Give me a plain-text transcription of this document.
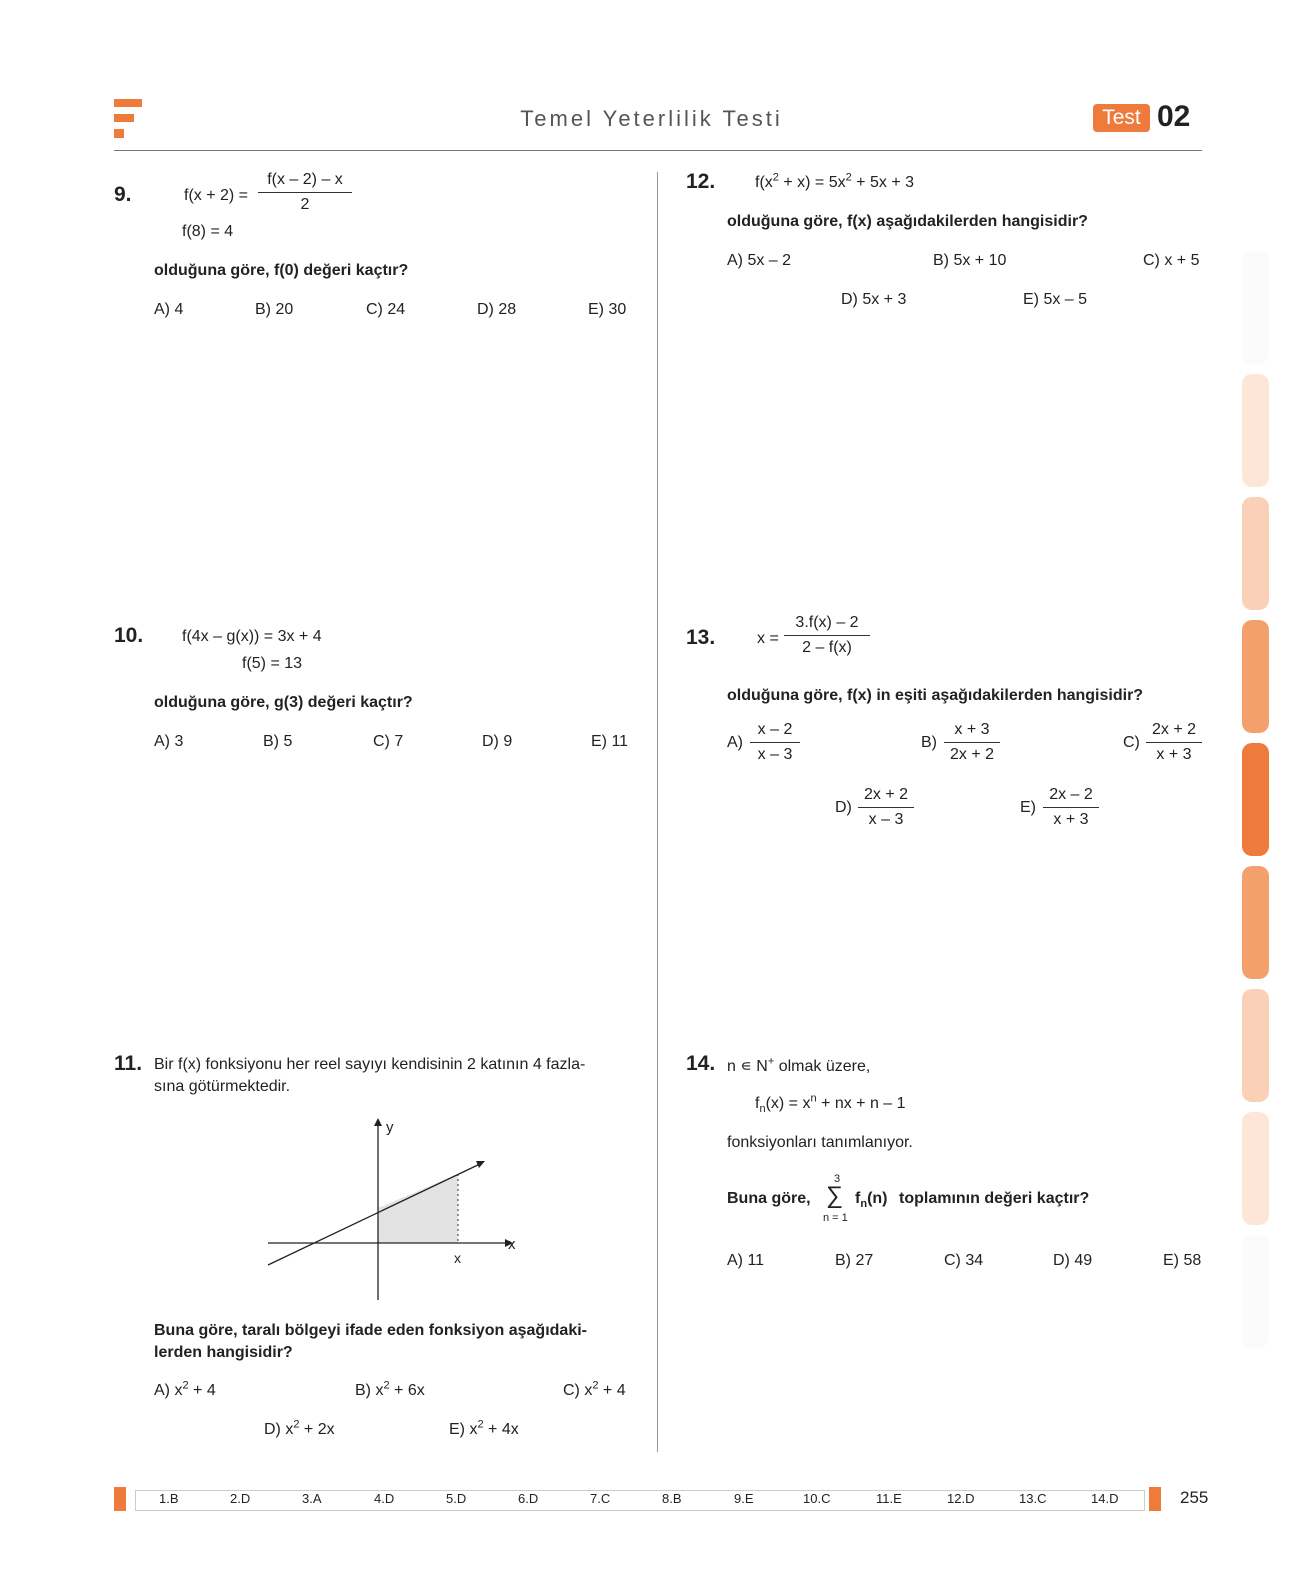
Temel Yeterlilik Testi	Test 02
9.	$f(x + 2) = \frac{f(x - 2) - x}{2}$
f(8) = 4
olduğuna göre, f(0) değeri kaçtır?
A) 4	B) 20	C) 24	D) 28	E) 30
10. f(4x – g(x)) = 3x + 4
f(5) = 13
olduğuna göre, g(3) değeri kaçtır?
A) 3	B) 5	C) 7	D) 9	E) 11
11. Bir f(x) fonksiyonu her reel sayıyı kendisinin 2 katının 4 fazla-
sına götürmektedir.
y
x
x
Buna göre, taralı bölgeyi ifade eden fonksiyon aşağıdaki-
lerden hangisidir?
A) $x^2 + 4$	B) $x^2 + 6x$	C) $x^2 + 4$
D) $x^2 + 2x$	E) $x^2 + 4x$
12. $f(x^2 + x) = 5x^2 + 5x + 3$
olduğuna göre, f(x) aşağıdakilerden hangisidir?
A) 5x – 2	B) 5x + 10	C) x + 5
D) 5x + 3	E) 5x – 5
13.	$x = \frac{3.f(x) - 2}{2 - f(x)}$
olduğuna göre, f(x) in eşiti aşağıdakilerden hangisidir?
$A) \frac{x - 2}{x - 3}$	$B) \frac{x + 3}{2x + 2}$	$C) \frac{2x + 2}{x + 3}$
$D) \frac{2x + 2}{x - 3}$	$E) \frac{2x - 2}{x + 3}$
14. n ∊ N+ olmak üzere,
$f_n(x) = x^n$ + nx + n – 1
fonksiyonları tanımlanıyor.
Buna göre,
3
∑
n = 1
$f_n(n)$ toplamının değeri kaçtır?
A) 11	B) 27	C) 34	D) 49	E) 58
1.B	2.D	3.A	4.D	5.D	6.D	7.C	8.B	9.E	10.C	11.E	12.D	13.C	14.D	255
